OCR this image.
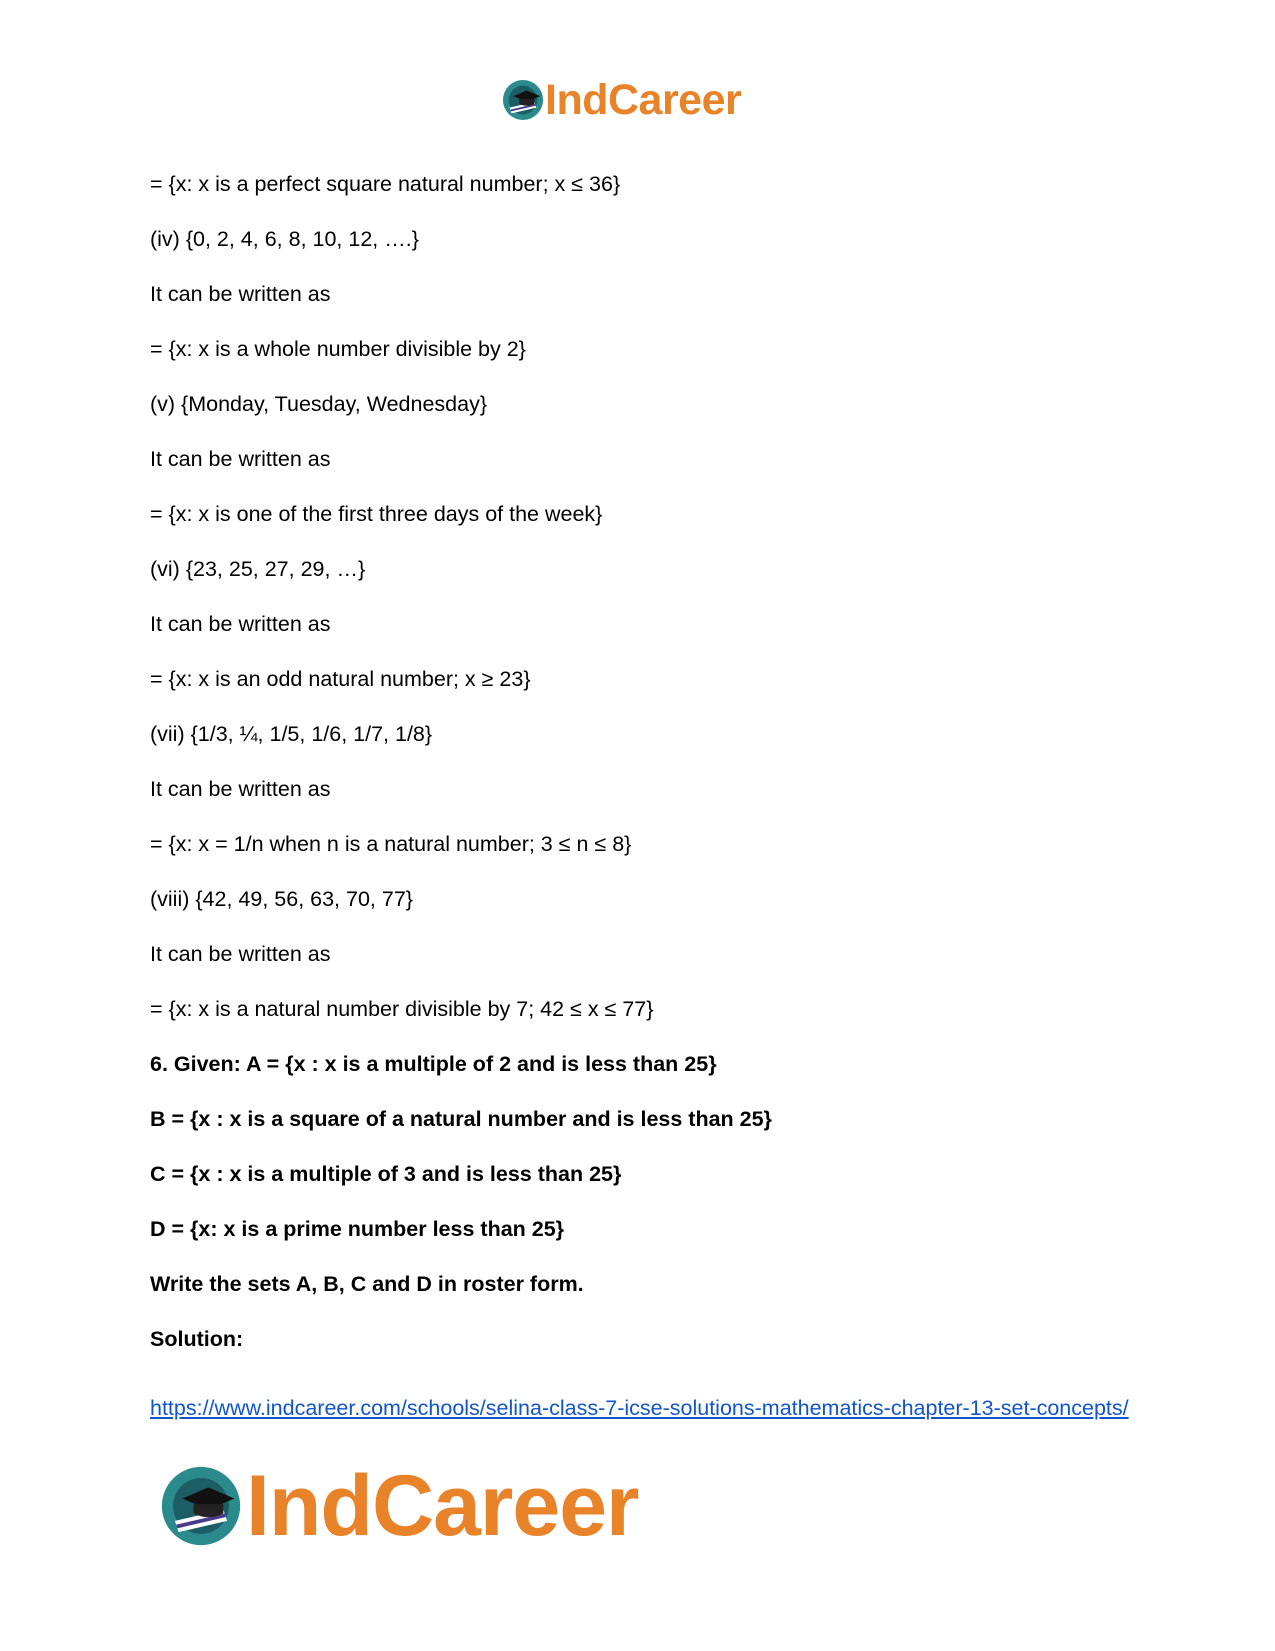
IndCareer
= {x: x is a perfect square natural number; x ≤ 36}
(iv) {0, 2, 4, 6, 8, 10, 12, ….}
It can be written as
= {x: x is a whole number divisible by 2}
(v) {Monday, Tuesday, Wednesday}
It can be written as
= {x: x is one of the first three days of the week}
(vi) {23, 25, 27, 29, …}
It can be written as
= {x: x is an odd natural number; x ≥ 23}
(vii) {1/3, ¼, 1/5, 1/6, 1/7, 1/8}
It can be written as
= {x: x = 1/n when n is a natural number; 3 ≤ n ≤ 8}
(viii) {42, 49, 56, 63, 70, 77}
It can be written as
= {x: x is a natural number divisible by 7; 42 ≤ x ≤ 77}
6. Given: A = {x : x is a multiple of 2 and is less than 25}
B = {x : x is a square of a natural number and is less than 25}
C = {x : x is a multiple of 3 and is less than 25}
D = {x: x is a prime number less than 25}
Write the sets A, B, C and D in roster form.
Solution:
https://www.indcareer.com/schools/selina-class-7-icse-solutions-mathematics-chapter-13-set-concepts/
IndCareer
